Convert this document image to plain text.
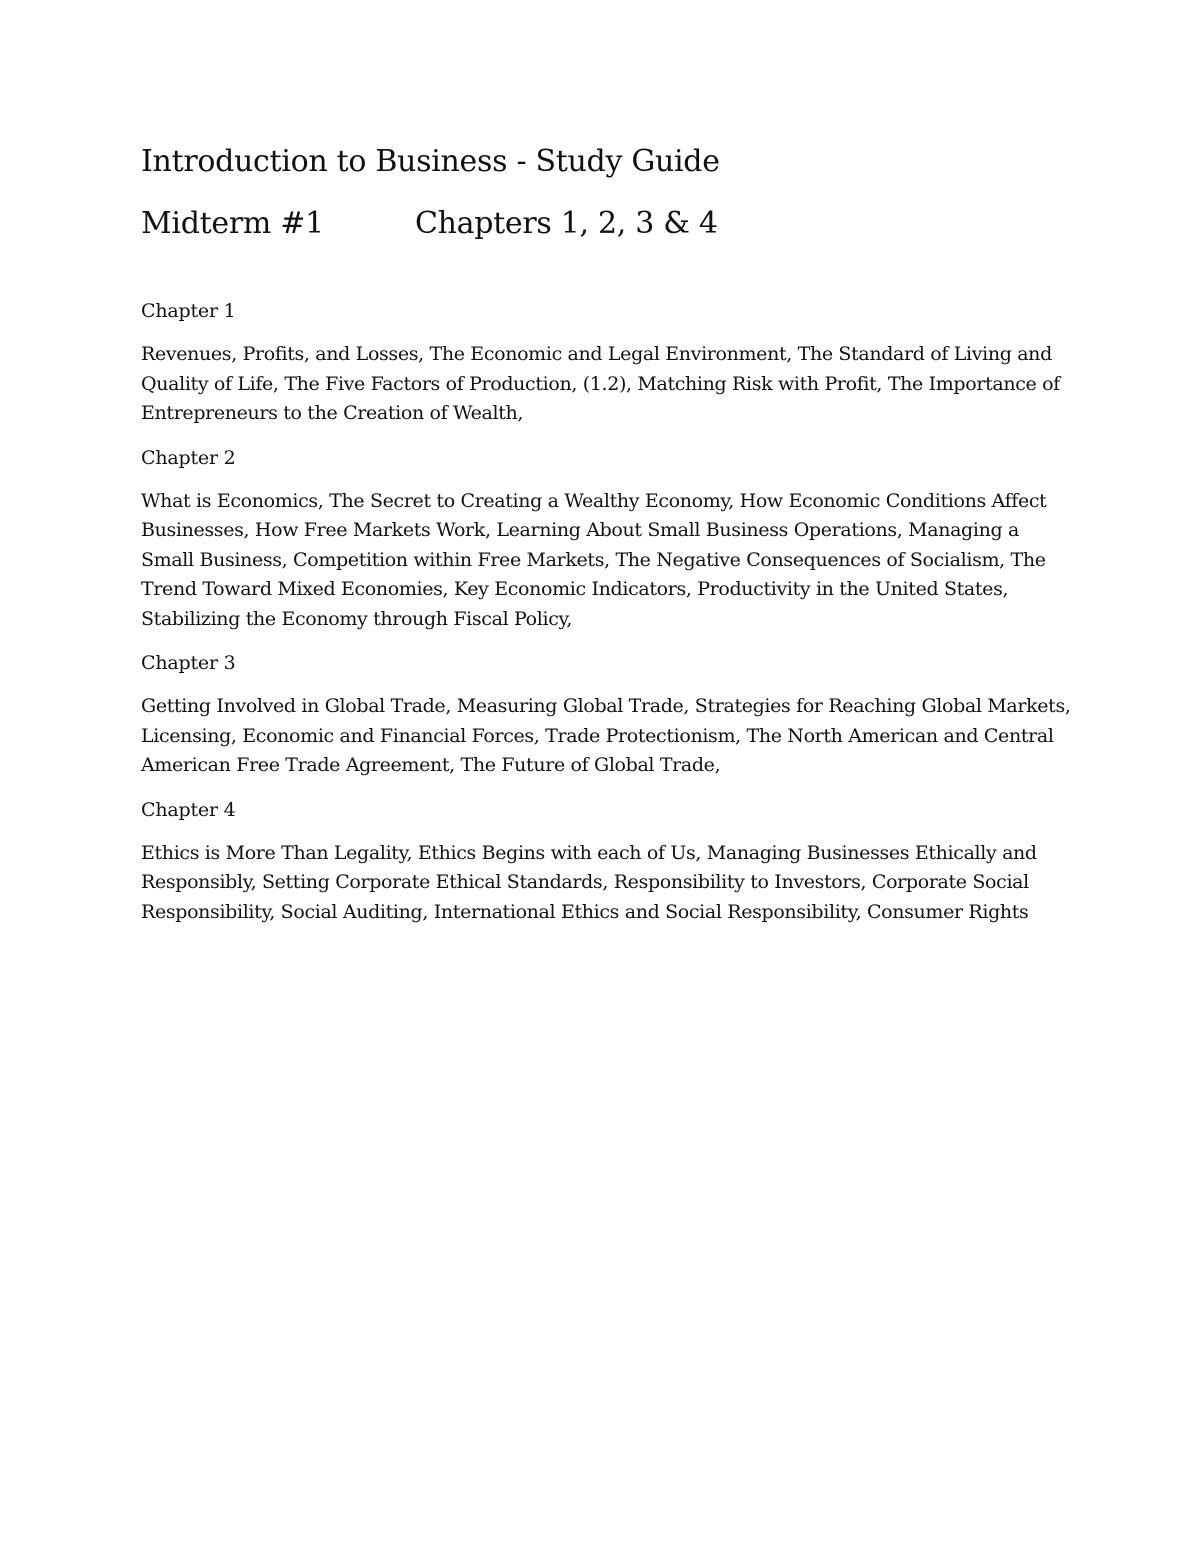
Introduction to Business - Study Guide
Midterm #1	Chapters 1, 2, 3 & 4

Chapter 1

Revenues, Profits, and Losses, The Economic and Legal Environment, The Standard of Living and Quality of Life, The Five Factors of Production, (1.2), Matching Risk with Profit, The Importance of Entrepreneurs to the Creation of Wealth,

Chapter 2

What is Economics, The Secret to Creating a Wealthy Economy, How Economic Conditions Affect Businesses, How Free Markets Work, Learning About Small Business Operations, Managing a Small Business, Competition within Free Markets, The Negative Consequences of Socialism, The Trend Toward Mixed Economies, Key Economic Indicators, Productivity in the United States, Stabilizing the Economy through Fiscal Policy,

Chapter 3

Getting Involved in Global Trade, Measuring Global Trade, Strategies for Reaching Global Markets, Licensing, Economic and Financial Forces, Trade Protectionism, The North American and Central American Free Trade Agreement, The Future of Global Trade,

Chapter 4

Ethics is More Than Legality, Ethics Begins with each of Us, Managing Businesses Ethically and Responsibly, Setting Corporate Ethical Standards, Responsibility to Investors, Corporate Social Responsibility, Social Auditing, International Ethics and Social Responsibility, Consumer Rights
